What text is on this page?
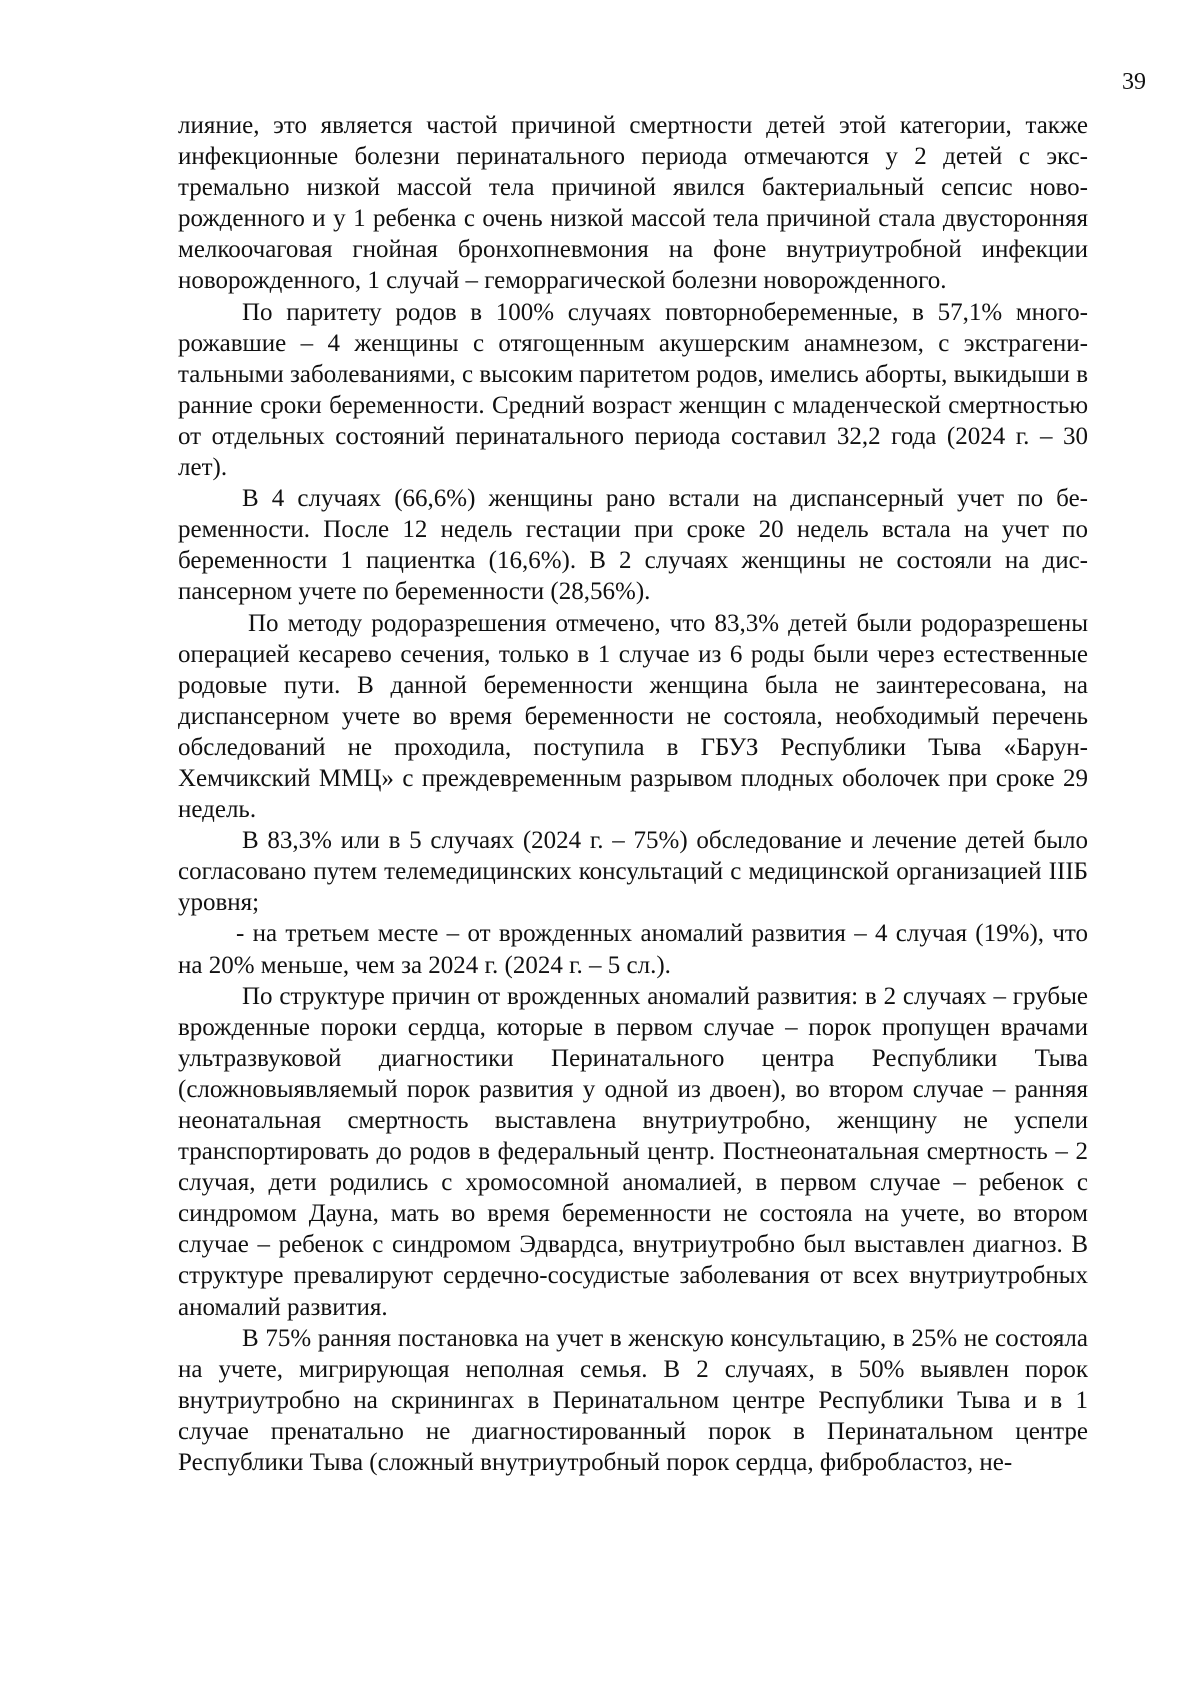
39

лияние, это является частой причиной смертности детей этой категории, также инфекционные болезни перинатального периода отмечаются у 2 детей с экстремально низкой массой тела причиной явился бактериальный сепсис новорожденного и у 1 ребенка с очень низкой массой тела причиной стала двусторонняя мелкоочаговая гнойная бронхопневмония на фоне внутриутробной инфекции новорожденного, 1 случай – геморрагической болезни новорожденного.

По паритету родов в 100% случаях повторнобеременные, в 57,1% многорожавшие – 4 женщины с отягощенным акушерским анамнезом, с экстрагенитальными заболеваниями, с высоким паритетом родов, имелись аборты, выкидыши в ранние сроки беременности. Средний возраст женщин с младенческой смертностью от отдельных состояний перинатального периода составил 32,2 года (2024 г. – 30 лет).

В 4 случаях (66,6%) женщины рано встали на диспансерный учет по беременности. После 12 недель гестации при сроке 20 недель встала на учет по беременности 1 пациентка (16,6%). В 2 случаях женщины не состояли на диспансерном учете по беременности (28,56%).

По методу родоразрешения отмечено, что 83,3% детей были родоразрешены операцией кесарево сечения, только в 1 случае из 6 роды были через естественные родовые пути. В данной беременности женщина была не заинтересована, на диспансерном учете во время беременности не состояла, необходимый перечень обследований не проходила, поступила в ГБУЗ Республики Тыва «Барун-Хемчикский ММЦ» с преждевременным разрывом плодных оболочек при сроке 29 недель.

В 83,3% или в 5 случаях (2024 г. – 75%) обследование и лечение детей было согласовано путем телемедицинских консультаций с медицинской организацией IIIБ уровня;

- на третьем месте – от врожденных аномалий развития – 4 случая (19%), что на 20% меньше, чем за 2024 г. (2024 г. – 5 сл.).

По структуре причин от врожденных аномалий развития: в 2 случаях – грубые врожденные пороки сердца, которые в первом случае – порок пропущен врачами ультразвуковой диагностики Перинатального центра Республики Тыва (сложновыявляемый порок развития у одной из двоен), во втором случае – ранняя неонатальная смертность выставлена внутриутробно, женщину не успели транспортировать до родов в федеральный центр. Постнеонатальная смертность – 2 случая, дети родились с хромосомной аномалией, в первом случае – ребенок с синдромом Дауна, мать во время беременности не состояла на учете, во втором случае – ребенок с синдромом Эдвардса, внутриутробно был выставлен диагноз. В структуре превалируют сердечно-сосудистые заболевания от всех внутриутробных аномалий развития.

В 75% ранняя постановка на учет в женскую консультацию, в 25% не состояла на учете, мигрирующая неполная семья. В 2 случаях, в 50% выявлен порок внутриутробно на скринингах в Перинатальном центре Республики Тыва и в 1 случае пренатально не диагностированный порок в Перинатальном центре Республики Тыва (сложный внутриутробный порок сердца, фибробластоз, не-
